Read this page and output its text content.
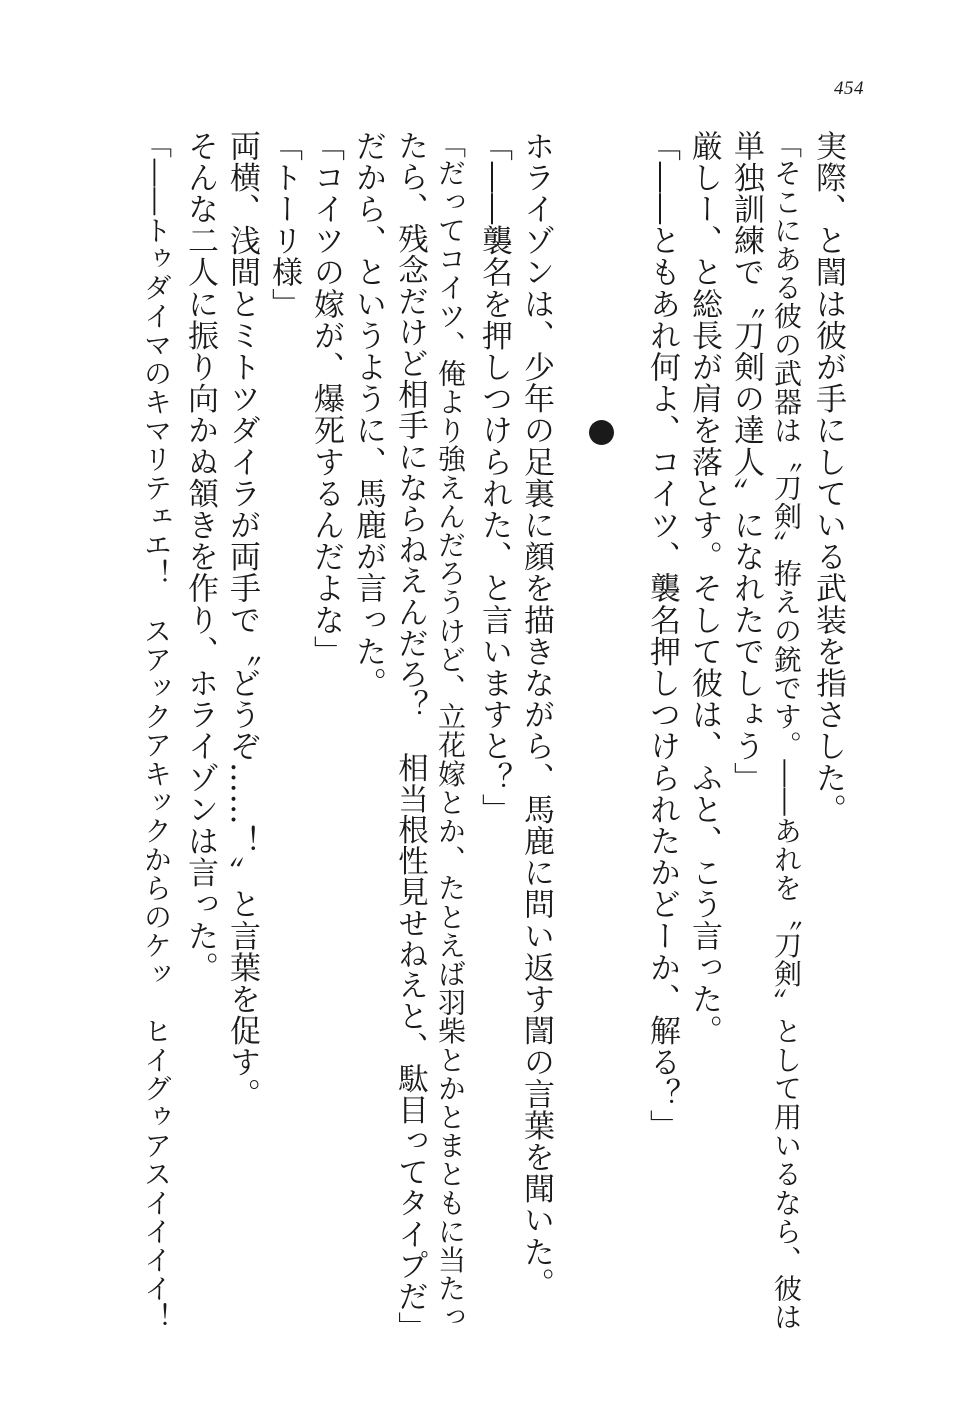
454
実際、と誾は彼が手にしている武装を指さした。
「そこにある彼の武器は〝刀剣〟拵えの銃です。――あれを〝刀剣〟として用いるなら、彼は
単独訓練で〝刀剣の達人〟になれたでしょう」
厳しー、と総長が肩を落とす。そして彼は、ふと、こう言った。
「――ともあれ何よ、コイツ、襲名押しつけられたかどーか、解る？」
ホライゾンは、少年の足裏に顔を描きながら、馬鹿に問い返す誾の言葉を聞いた。
「――襲名を押しつけられた、と言いますと？」
「だってコイツ、俺より強えんだろうけど、立花嫁とか、たとえば羽柴とかとまともに当たっ
たら、残念だけど相手にならねえんだろ？　相当根性見せねえと、駄目ってタイプだ」
だから、というように、馬鹿が言った。
「コイツの嫁が、爆死するんだよな」
「トーリ様」
両横、浅間とミトツダイラが両手で〝どうぞ……！〟と言葉を促す。
そんな二人に振り向かぬ頷きを作り、ホライゾンは言った。
「――トゥダイマのキマリテェエ！　スアックアキックからのケッ　ヒイグゥアスイイイイ！
